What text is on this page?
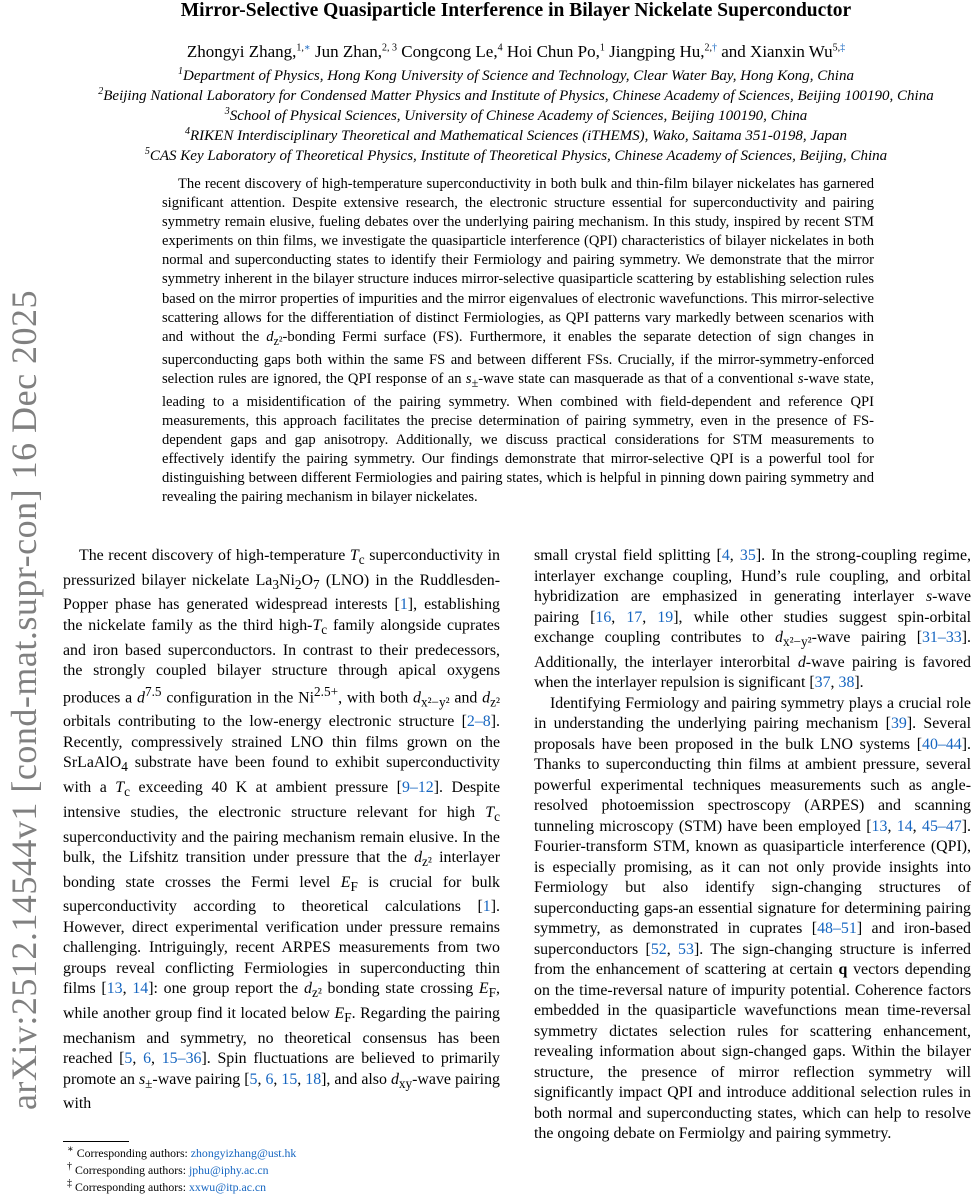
arXiv:2512.14544v1 [cond-mat.supr-con] 16 Dec 2025
Mirror-Selective Quasiparticle Interference in Bilayer Nickelate Superconductor
Zhongyi Zhang,$^{1,∗}$ Jun Zhan,$^{2, 3}$ Congcong Le,$^4$ Hoi Chun Po,$^1$ Jiangping Hu,$^{2,\dagger}$ and Xianxin $Wu^{5,\ddagger}$
$^1$Department of Physics, Hong Kong University of Science and Technology, Clear Water Bay, Hong Kong, China
$^2$Beijing National Laboratory for Condensed Matter Physics and Institute of Physics, Chinese Academy of Sciences, Beijing 100190, China
$^3$School of Physical Sciences, University of Chinese Academy of Sciences, Beijing 100190, China
$^4$RIKEN Interdisciplinary Theoretical and Mathematical Sciences (iTHEMS), Wako, Saitama 351-0198, Japan
$^5$CAS Key Laboratory of Theoretical Physics, Institute of Theoretical Physics, Chinese Academy of Sciences, Beijing, China
The recent discovery of high-temperature superconductivity in both bulk and thin-film bilayer nickelates has garnered significant attention. Despite extensive research, the electronic structure essential for superconductivity and pairing symmetry remain elusive, fueling debates over the underlying pairing mechanism. In this study, inspired by recent STM experiments on thin films, we investigate the quasiparticle interference (QPI) characteristics of bilayer nickelates in both normal and superconducting states to identify their Fermiology and pairing symmetry. We demonstrate that the mirror symmetry inherent in the bilayer structure induces mirror-selective quasiparticle scattering by establishing selection rules based on the mirror properties of impurities and the mirror eigenvalues of electronic wavefunctions. This mirror-selective scattering allows for the differentiation of distinct Fermiologies, as QPI patterns vary markedly between scenarios with and without the $d_{z^2}$-bonding Fermi surface (FS). Furthermore, it enables the separate detection of sign changes in superconducting gaps both within the same FS and between different FSs. Crucially, if the mirror-symmetry-enforced selection rules are ignored, the QPI response of an $s_\pm$-wave state can masquerade as that of a conventional s-wave state, leading to a misidentification of the pairing symmetry. When combined with field-dependent and reference QPI measurements, this approach facilitates the precise determination of pairing symmetry, even in the presence of FS-dependent gaps and gap anisotropy. Additionally, we discuss practical considerations for STM measurements to effectively identify the pairing symmetry. Our findings demonstrate that mirror-selective QPI is a powerful tool for distinguishing between different Fermiologies and pairing states, which is helpful in pinning down pairing symmetry and revealing the pairing mechanism in bilayer nickelates.

The recent discovery of high-temperature $T_c$ superconductivity in pressurized bilayer nickelate $La_3Ni_2O_7$ (LNO) in the Ruddlesden-Popper phase has generated widespread interests [1], establishing the nickelate family as the third high-$T_c$ family alongside cuprates and iron based superconductors. In contrast to their predecessors, the strongly coupled bilayer structure through apical oxygens produces a $d^{7.5}$ configuration in the $Ni^{2.5+}$, with both $d_{x^2-y^2}$ and $d_{z^2}$ orbitals contributing to the low-energy electronic structure [2–8]. Recently, compressively strained LNO thin films grown on the SrLaAlO$_4$ substrate have been found to exhibit superconductivity with a $T_c$ exceeding 40 K at ambient pressure [9–12]. Despite intensive studies, the electronic structure relevant for high $T_c$ superconductivity and the pairing mechanism remain elusive. In the bulk, the Lifshitz transition under pressure that the $d_{z^2}$ interlayer bonding state crosses the Fermi level $E_F$ is crucial for bulk superconductivity according to theoretical calculations [1]. However, direct experimental verification under pressure remains challenging. Intriguingly, recent ARPES measurements from two groups reveal conflicting Fermiologies in superconducting thin films [13, 14]: one group report the $d_{z^2}$ bonding state crossing $E_F$, while another group find it located below $E_F$. Regarding the pairing mechanism and symmetry, no theoretical consensus has been reached [5, 6, 15–36]. Spin fluctuations are believed to primarily promote an $s_\pm$-wave pairing [5, 6, 15, 18], and also $d_{xy}$-wave pairing with

small crystal field splitting [4, 35]. In the strong-coupling regime, interlayer exchange coupling, Hund’s rule coupling, and orbital hybridization are emphasized in generating interlayer s-wave pairing [16, 17, 19], while other studies suggest spin-orbital exchange coupling contributes to $d_{x^2-y^2}$-wave pairing [31–33]. Additionally, the interlayer interorbital d-wave pairing is favored when the interlayer repulsion is significant [37, 38].

Identifying Fermiology and pairing symmetry plays a crucial role in understanding the underlying pairing mechanism [39]. Several proposals have been proposed in the bulk LNO systems [40–44]. Thanks to superconducting thin films at ambient pressure, several powerful experimental techniques measurements such as angle-resolved photoemission spectroscopy (ARPES) and scanning tunneling microscopy (STM) have been employed [13, 14, 45–47]. Fourier-transform STM, known as quasiparticle interference (QPI), is especially promising, as it can not only provide insights into Fermiology but also identify sign-changing structures of superconducting gaps-an essential signature for determining pairing symmetry, as demonstrated in cuprates [48–51] and iron-based superconductors [52, 53]. The sign-changing structure is inferred from the enhancement of scattering at certain q vectors depending on the time-reversal nature of impurity potential. Coherence factors embedded in the quasiparticle wavefunctions mean time-reversal symmetry dictates selection rules for scattering enhancement, revealing information about sign-changed gaps. Within the bilayer structure, the presence of mirror reflection symmetry will significantly impact QPI and introduce additional selection rules in both normal and superconducting states, which can help to resolve the ongoing debate on Fermiolgy and pairing symmetry.

∗ Corresponding authors: zhongyizhang@ust.hk
† Corresponding authors: jphu@iphy.ac.cn
‡ Corresponding authors: xxwu@itp.ac.cn
